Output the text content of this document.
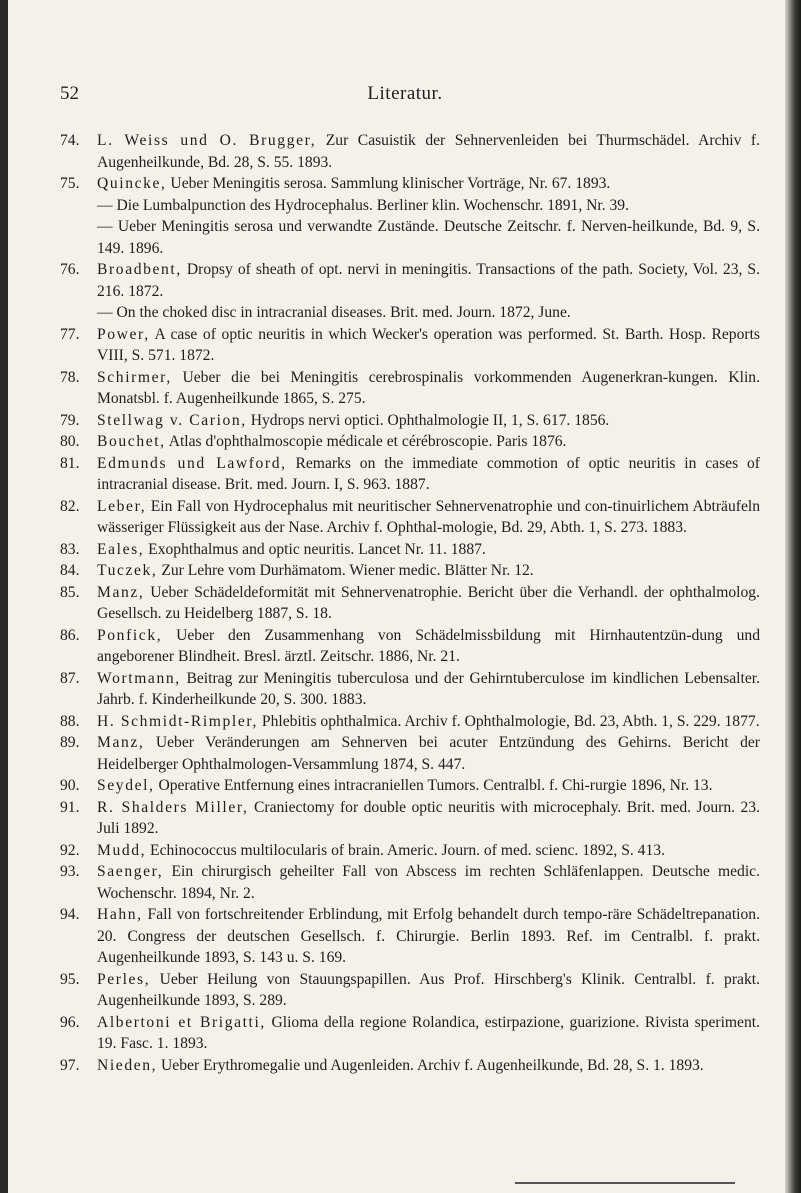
52	Literatur.
74. L. Weiss und O. Brugger, Zur Casuistik der Sehnervenleiden bei Thurmschädel. Archiv f. Augenheilkunde, Bd. 28, S. 55. 1893.
75. Quincke, Ueber Meningitis serosa. Sammlung klinischer Vorträge, Nr. 67. 1893.
— Die Lumbalpunction des Hydrocephalus. Berliner klin. Wochenschr. 1891, Nr. 39.
— Ueber Meningitis serosa und verwandte Zustände. Deutsche Zeitschr. f. Nerven-heilkunde, Bd. 9, S. 149. 1896.
76. Broadbent, Dropsy of sheath of opt. nervi in meningitis. Transactions of the path. Society, Vol. 23, S. 216. 1872.
— On the choked disc in intracranial diseases. Brit. med. Journ. 1872, June.
77. Power, A case of optic neuritis in which Wecker's operation was performed. St. Barth. Hosp. Reports VIII, S. 571. 1872.
78. Schirmer, Ueber die bei Meningitis cerebrospinalis vorkommenden Augenerkran-kungen. Klin. Monatsbl. f. Augenheilkunde 1865, S. 275.
79. Stellwag v. Carion, Hydrops nervi optici. Ophthalmologie II, 1, S. 617. 1856.
80. Bouchet, Atlas d'ophthalmoscopie médicale et cérébroscopie. Paris 1876.
81. Edmunds und Lawford, Remarks on the immediate commotion of optic neuritis in cases of intracranial disease. Brit. med. Journ. I, S. 963. 1887.
82. Leber, Ein Fall von Hydrocephalus mit neuritischer Sehnervenatrophie und con-tinuirlichem Abträufeln wässeriger Flüssigkeit aus der Nase. Archiv f. Ophthal-mologie, Bd. 29, Abth. 1, S. 273. 1883.
83. Eales, Exophthalmus and optic neuritis. Lancet Nr. 11. 1887.
84. Tuczek, Zur Lehre vom Durhämatom. Wiener medic. Blätter Nr. 12.
85. Manz, Ueber Schädeldeformität mit Sehnervenatrophie. Bericht über die Verhandl. der ophthalmolog. Gesellsch. zu Heidelberg 1887, S. 18.
86. Ponfick, Ueber den Zusammenhang von Schädelmissbildung mit Hirnhautentzün-dung und angeborener Blindheit. Bresl. ärztl. Zeitschr. 1886, Nr. 21.
87. Wortmann, Beitrag zur Meningitis tuberculosa und der Gehirntuberculose im kindlichen Lebensalter. Jahrb. f. Kinderheilkunde 20, S. 300. 1883.
88. H. Schmidt-Rimpler, Phlebitis ophthalmica. Archiv f. Ophthalmologie, Bd. 23, Abth. 1, S. 229. 1877.
89. Manz, Ueber Veränderungen am Sehnerven bei acuter Entzündung des Gehirns. Bericht der Heidelberger Ophthalmologen-Versammlung 1874, S. 447.
90. Seydel, Operative Entfernung eines intracraniellen Tumors. Centralbl. f. Chi-rurgie 1896, Nr. 13.
91. R. Shalders Miller, Craniectomy for double optic neuritis with microcephaly. Brit. med. Journ. 23. Juli 1892.
92. Mudd, Echinococcus multilocularis of brain. Americ. Journ. of med. scienc. 1892, S. 413.
93. Saenger, Ein chirurgisch geheilter Fall von Abscess im rechten Schläfenlappen. Deutsche medic. Wochenschr. 1894, Nr. 2.
94. Hahn, Fall von fortschreitender Erblindung, mit Erfolg behandelt durch tempo-räre Schädeltrepanation. 20. Congress der deutschen Gesellsch. f. Chirurgie. Berlin 1893. Ref. im Centralbl. f. prakt. Augenheilkunde 1893, S. 143 u. S. 169.
95. Perles, Ueber Heilung von Stauungspapillen. Aus Prof. Hirschberg's Klinik. Centralbl. f. prakt. Augenheilkunde 1893, S. 289.
96. Albertoni et Brigatti, Glioma della regione Rolandica, estirpazione, guarizione. Rivista speriment. 19. Fasc. 1. 1893.
97. Nieden, Ueber Erythromegalie und Augenleiden. Archiv f. Augenheilkunde, Bd. 28, S. 1. 1893.
